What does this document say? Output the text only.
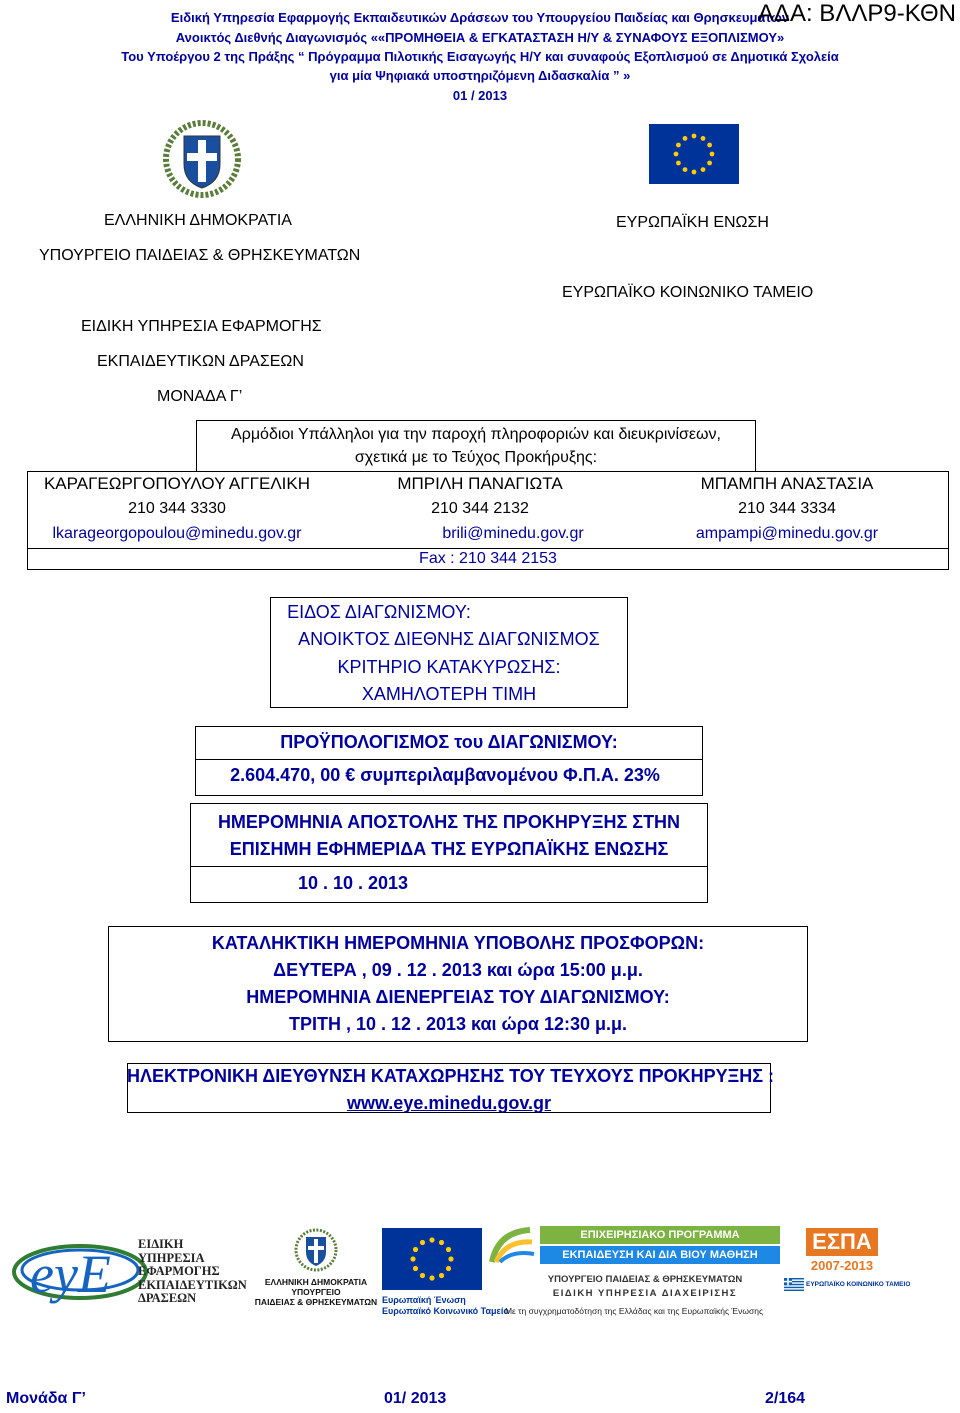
Ειδική Υπηρεσία Εφαρμογής Εκπαιδευτικών Δράσεων του Υπουργείου Παιδείας και Θρησκευμάτων
Ανοικτός Διεθνής Διαγωνισμός ««ΠΡΟΜΗΘΕΙΑ & ΕΓΚΑΤΑΣΤΑΣΗ Η/Υ & ΣΥΝΑΦΟΥΣ ΕΞΟΠΛΙΣΜΟΥ»
Του Υποέργου 2 της Πράξης “ Πρόγραμμα Πιλοτικής Εισαγωγής Η/Υ και συναφούς Εξοπλισμού σε Δημοτικά Σχολεία
για μία Ψηφιακά υποστηριζόμενη Διδασκαλία ” »
01 / 2013
ΑΔΑ: ΒΛΛΡ9-ΚΘΝ
ΕΛΛΗΝΙΚΗ ΔΗΜΟΚΡΑΤΙΑ
ΥΠΟΥΡΓΕΙΟ ΠΑΙΔΕΙΑΣ & ΘΡΗΣΚΕΥΜΑΤΩΝ
ΕΙΔΙΚΗ ΥΠΗΡΕΣΙΑ ΕΦΑΡΜΟΓΗΣ
ΕΚΠΑΙΔΕΥΤΙΚΩΝ ΔΡΑΣΕΩΝ
ΜΟΝΑΔΑ Γ’
ΕΥΡΩΠΑΪΚΗ ΕΝΩΣΗ
ΕΥΡΩΠΑΪΚΟ ΚΟΙΝΩΝΙΚΟ ΤΑΜΕΙΟ
Αρμόδιοι Υπάλληλοι για την παροχή πληροφοριών και διευκρινίσεων,
σχετικά με το Τεύχος Προκήρυξης:
ΚΑΡΑΓΕΩΡΓΟΠΟΥΛΟΥ ΑΓΓΕΛΙΚΗ	ΜΠΡΙΛΗ ΠΑΝΑΓΙΩΤΑ	ΜΠΑΜΠΗ ΑΝΑΣΤΑΣΙΑ
210 344 3330	210 344 2132	210 344 3334
lkarageorgopoulou@minedu.gov.gr	brili@minedu.gov.gr	ampampi@minedu.gov.gr
Fax : 210 344 2153
ΕΙΔΟΣ ΔΙΑΓΩΝΙΣΜΟΥ:
ΑΝΟΙΚΤΟΣ ΔΙΕΘΝΗΣ ΔΙΑΓΩΝΙΣΜΟΣ
ΚΡΙΤΗΡΙΟ ΚΑΤΑΚΥΡΩΣΗΣ:
ΧΑΜΗΛΟΤΕΡΗ ΤΙΜΗ
ΠΡΟΫΠΟΛΟΓΙΣΜΟΣ του ΔΙΑΓΩΝΙΣΜΟΥ:
2.604.470, 00 € συμπεριλαμβανομένου Φ.Π.Α. 23%
ΗΜΕΡΟΜΗΝΙΑ ΑΠΟΣΤΟΛΗΣ ΤΗΣ ΠΡΟΚΗΡΥΞΗΣ ΣΤΗΝ
ΕΠΙΣΗΜΗ ΕΦΗΜΕΡΙΔΑ ΤΗΣ ΕΥΡΩΠΑΪΚΗΣ ΕΝΩΣΗΣ
10 . 10 . 2013
ΚΑΤΑΛΗΚΤΙΚΗ ΗΜΕΡΟΜΗΝΙΑ ΥΠΟΒΟΛΗΣ ΠΡΟΣΦΟΡΩΝ:
ΔΕΥΤΕΡΑ , 09 . 12 . 2013 και ώρα 15:00 μ.μ.
ΗΜΕΡΟΜΗΝΙΑ ΔΙΕΝΕΡΓΕΙΑΣ ΤΟΥ ΔΙΑΓΩΝΙΣΜΟΥ:
ΤΡΙΤΗ , 10 . 12 . 2013 και ώρα 12:30 μ.μ.
ΗΛΕΚΤΡΟΝΙΚΗ ΔΙΕΥΘΥΝΣΗ ΚΑΤΑΧΩΡΗΣΗΣ ΤΟΥ ΤΕΥΧΟΥΣ ΠΡΟΚΗΡΥΞΗΣ :
www.eye.minedu.gov.gr
eyE ΕΙΔΙΚΗ
ΥΠΗΡΕΣΙΑ
ΕΦΑΡΜΟΓΗΣ
ΕΚΠΑΙΔΕΥΤΙΚΩΝ
ΔΡΑΣΕΩΝ
ΕΛΛΗΝΙΚΗ ΔΗΜΟΚΡΑΤΙΑ
ΥΠΟΥΡΓΕΙΟ
ΠΑΙΔΕΙΑΣ & ΘΡΗΣΚΕΥΜΑΤΩΝ Ευρωπαϊκή Ένωση
Ευρωπαϊκό Κοινωνικό Ταμείο
ΕΠΙΧΕΙΡΗΣΙΑΚΟ ΠΡΟΓΡΑΜΜΑ
ΕΚΠΑΙΔΕΥΣΗ ΚΑΙ ΔΙΑ ΒΙΟΥ ΜΑΘΗΣΗ
ΥΠΟΥΡΓΕΙΟ ΠΑΙΔΕΙΑΣ & ΘΡΗΣΚΕΥΜΑΤΩΝ
ΕΙΔΙΚΗ ΥΠΗΡΕΣΙΑ ΔΙΑΧΕΙΡΙΣΗΣ
Με τη συγχρηματοδότηση της Ελλάδας και της Ευρωπαϊκής Ένωσης
ΕΣΠΑ
2007-2013
ΕΥΡΩΠΑΪΚΟ ΚΟΙΝΩΝΙΚΟ ΤΑΜΕΙΟ
Μονάδα Γ’	01/ 2013	2/164
